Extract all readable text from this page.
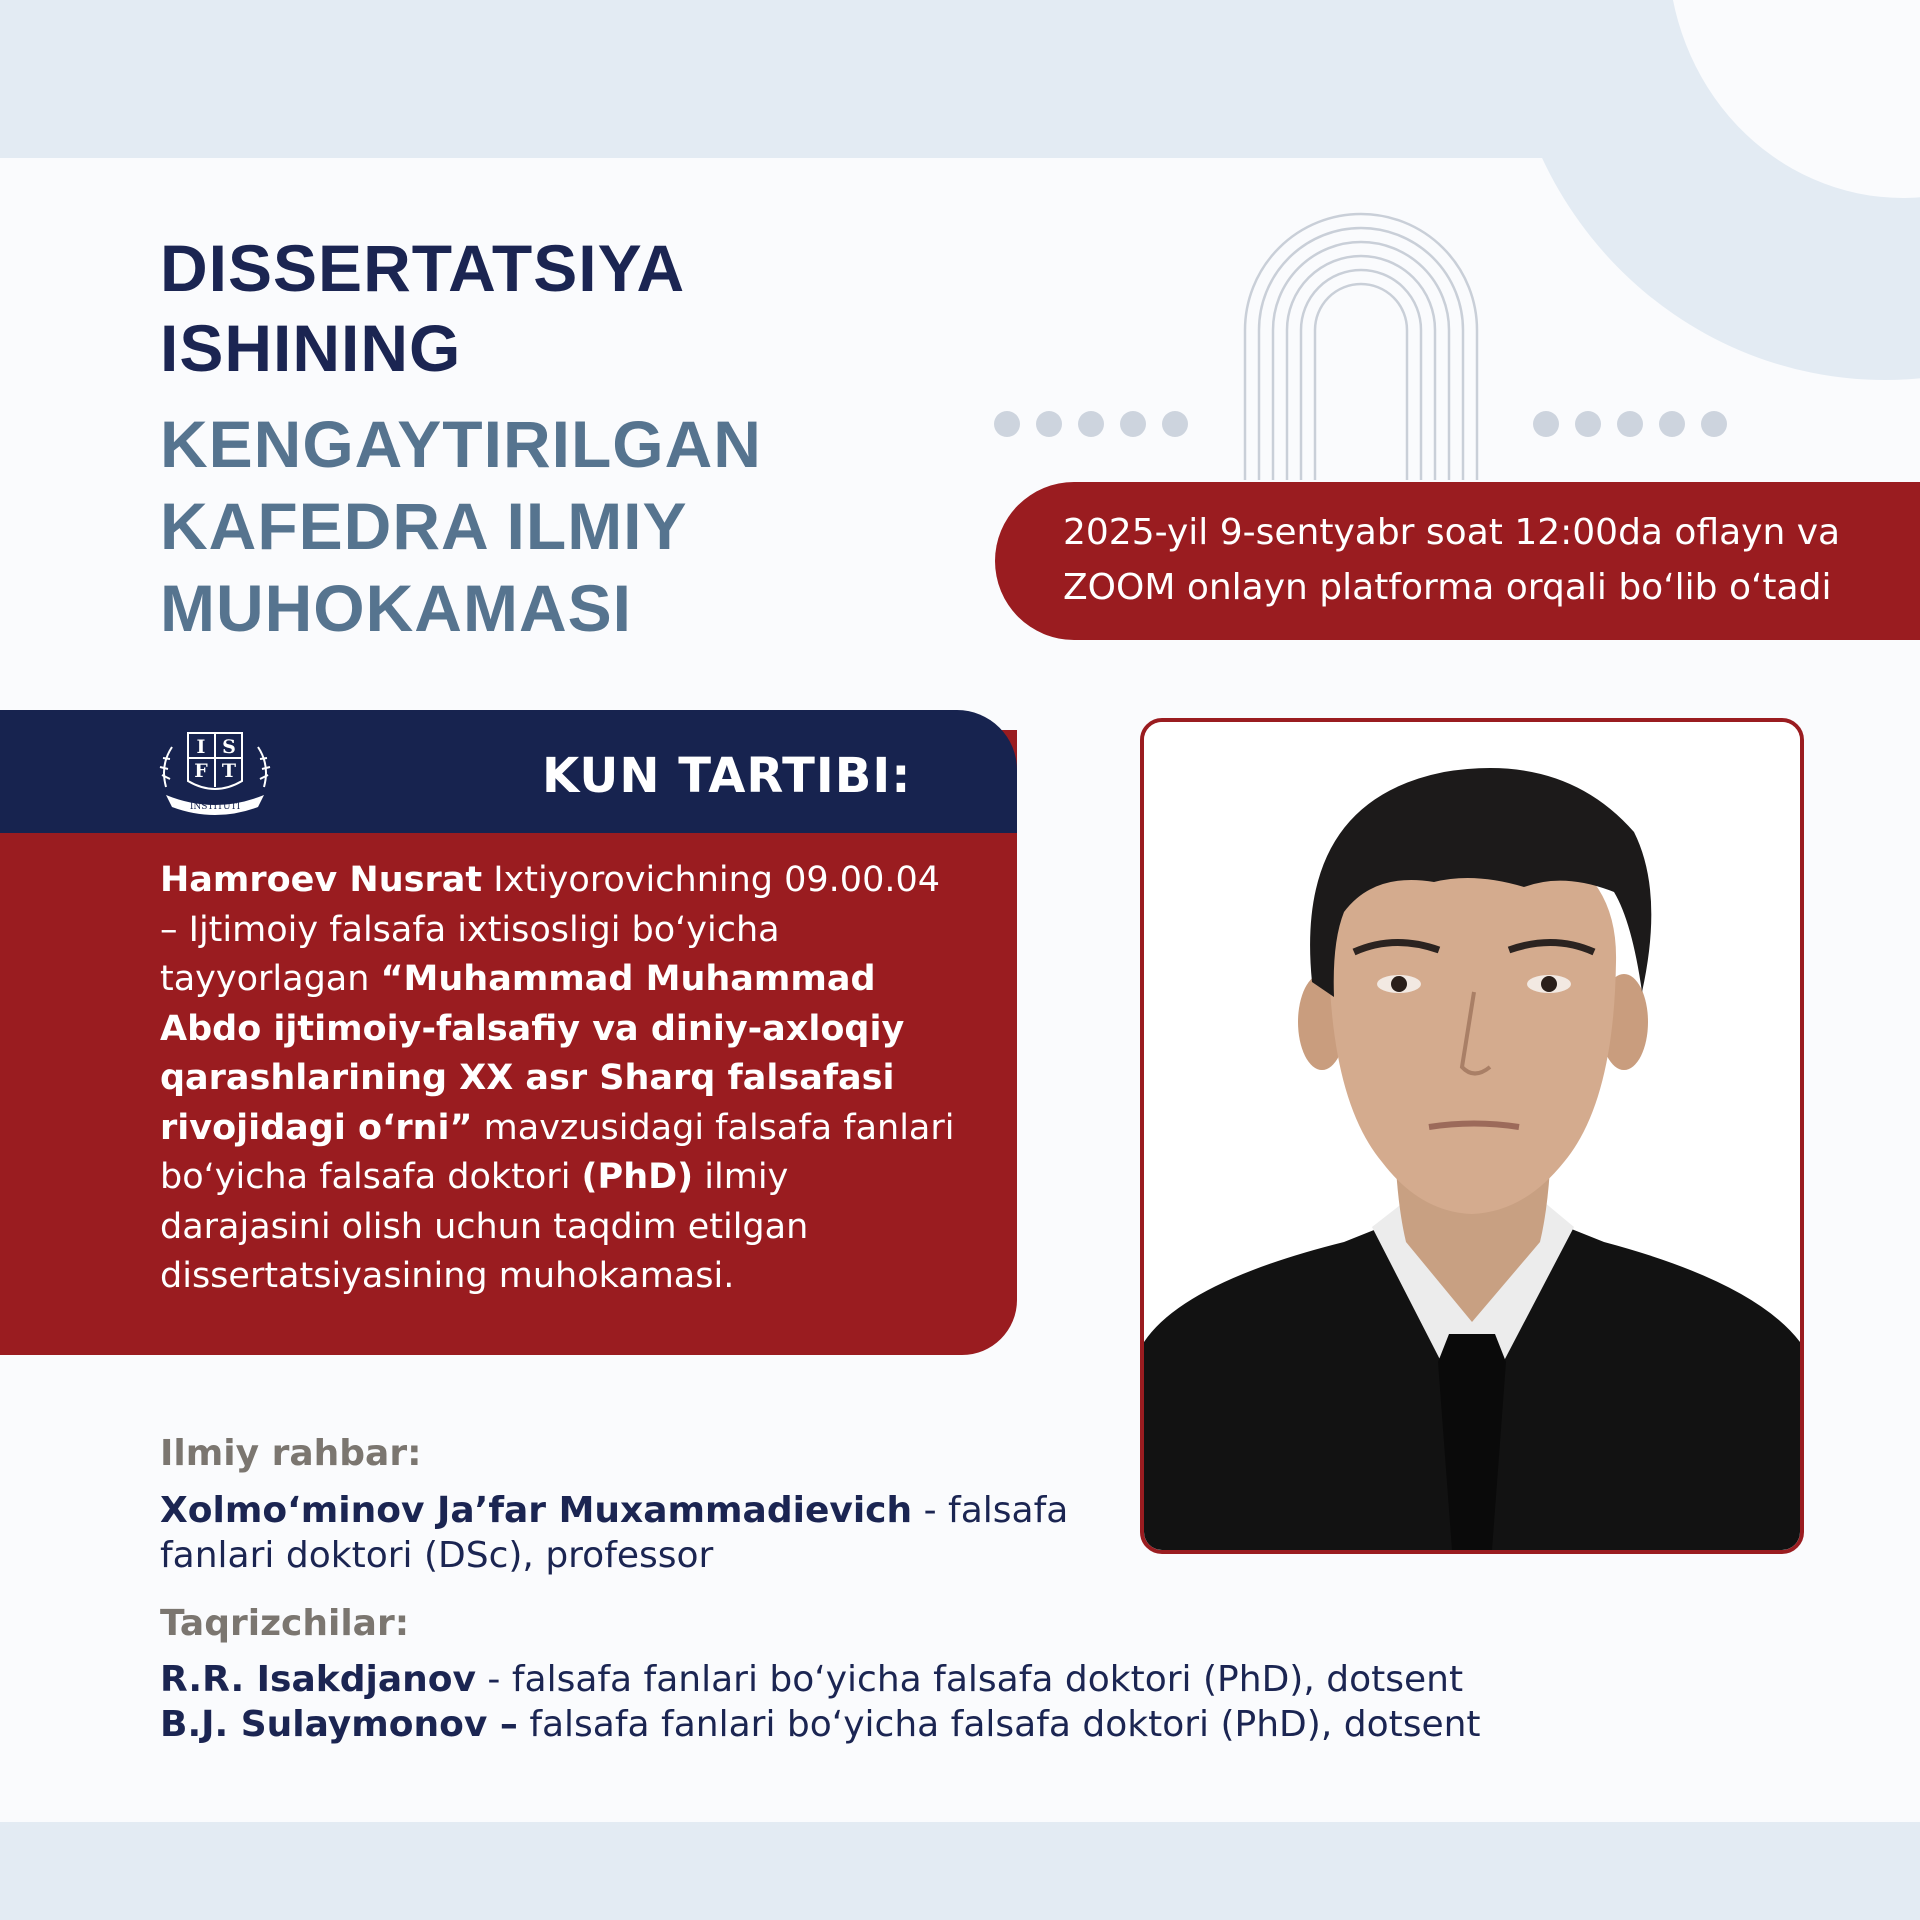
DISSERTATSIYA
ISHINING
KENGAYTIRILGAN
KAFEDRA ILMIY
MUHOKAMASI
2025-yil 9-sentyabr soat 12:00da oflayn va
ZOOM onlayn platforma orqali bo‘lib o‘tadi
I S
F T
INSTITUTI
KUN TARTIBI:
Hamroev Nusrat Ixtiyorovichning 09.00.04 – Ijtimoiy falsafa ixtisosligi bo‘yicha tayyorlagan “Muhammad Muhammad Abdo ijtimoiy-falsafiy va diniy-axloqiy qarashlarining XX asr Sharq falsafasi rivojidagi o‘rni” mavzusidagi falsafa fanlari bo‘yicha falsafa doktori (PhD) ilmiy darajasini olish uchun taqdim etilgan dissertatsiyasining muhokamasi.
Ilmiy rahbar:
Xolmo‘minov Ja’far Muxammadievich - falsafa fanlari doktori (DSc), professor
Taqrizchilar:
R.R. Isakdjanov - falsafa fanlari bo‘yicha falsafa doktori (PhD), dotsent
B.J. Sulaymonov – falsafa fanlari bo‘yicha falsafa doktori (PhD), dotsent
